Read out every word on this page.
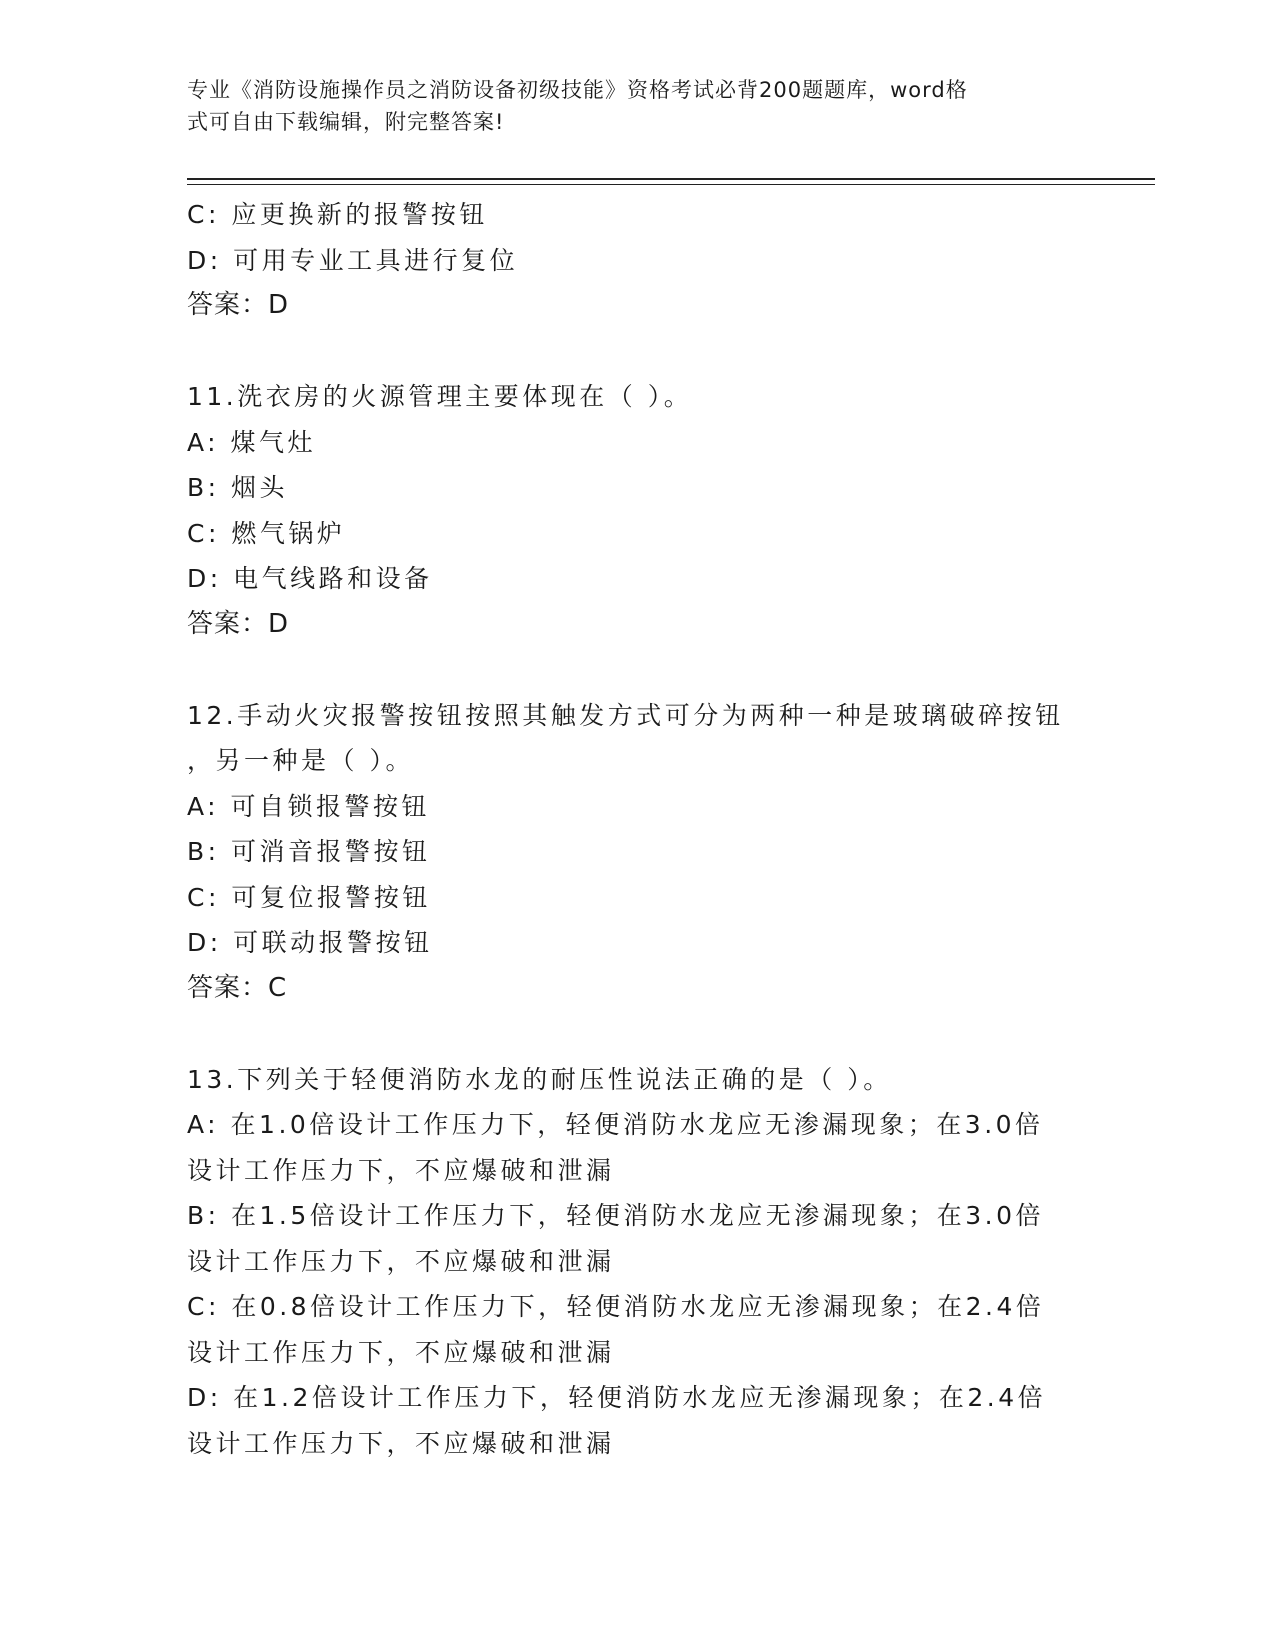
专业《消防设施操作员之消防设备初级技能》资格考试必背200题题库，word格
式可自由下载编辑，附完整答案!
C: 应更换新的报警按钮
D: 可用专业工具进行复位
答案：D
11.洗衣房的火源管理主要体现在（ ）。
A: 煤气灶
B: 烟头
C: 燃气锅炉
D: 电气线路和设备
答案：D
12.手动火灾报警按钮按照其触发方式可分为两种一种是玻璃破碎按钮
，另一种是（ ）。
A: 可自锁报警按钮
B: 可消音报警按钮
C: 可复位报警按钮
D: 可联动报警按钮
答案：C
13.下列关于轻便消防水龙的耐压性说法正确的是（ ）。
A: 在1.0倍设计工作压力下，轻便消防水龙应无渗漏现象；在3.0倍
设计工作压力下，不应爆破和泄漏
B: 在1.5倍设计工作压力下，轻便消防水龙应无渗漏现象；在3.0倍
设计工作压力下，不应爆破和泄漏
C: 在0.8倍设计工作压力下，轻便消防水龙应无渗漏现象；在2.4倍
设计工作压力下，不应爆破和泄漏
D: 在1.2倍设计工作压力下，轻便消防水龙应无渗漏现象；在2.4倍
设计工作压力下，不应爆破和泄漏
